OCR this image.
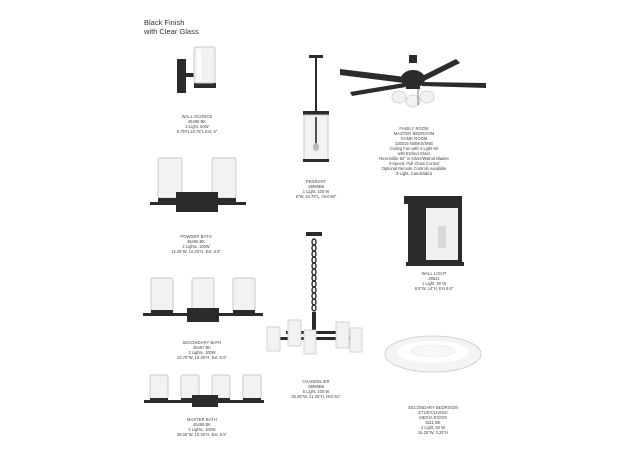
Black Finish
with Clear Glass
WALL SCONCE
45495 BK
1-Light, 60W
9.75"H,10.75"L Ext. 6"
PENDANT
43959BK
1 Light, 100 W
6"W, 10.75"L, Ovrl.50"
FAMILY ROOM
MASTER BEDROOM
GAME ROOM
330016 NI/BKS/SNB
Ceiling Fan with 4-Light Kit
with Etched Glass
Reversible 52" in Silver/Walnut Blades
3-Speed, Pull Chain Control
Optional Remote Controls Available
3-Light, Candelabra
POWDER BATH
45496 BK
2 Lights, 100W
14.25"W, 10.25"H, Ext. 6.5"
WALL LIGHT
39541
1 Light, 60 W
8.5"W, 14"H, Ext 8.5"
SECONDARY BATH
45497 BK
3 Lights, 100W
23.75"W, 10.25"H, Ext. 6.5"
CHANDELIER
43959BK
5 Light, 100 W
26.25"W, 21.25"H, Ovrl:61"
MASTER BATH
45498 BK
4 Lights, 100W
35.25"W, 10.25"H, Ext. 6.5"
SECONDARY BEDROOM
STUDY/LIVING
MEDIA ROOM
8111 BK
2 Light, 60 W
15.25"W, 3.25"H
